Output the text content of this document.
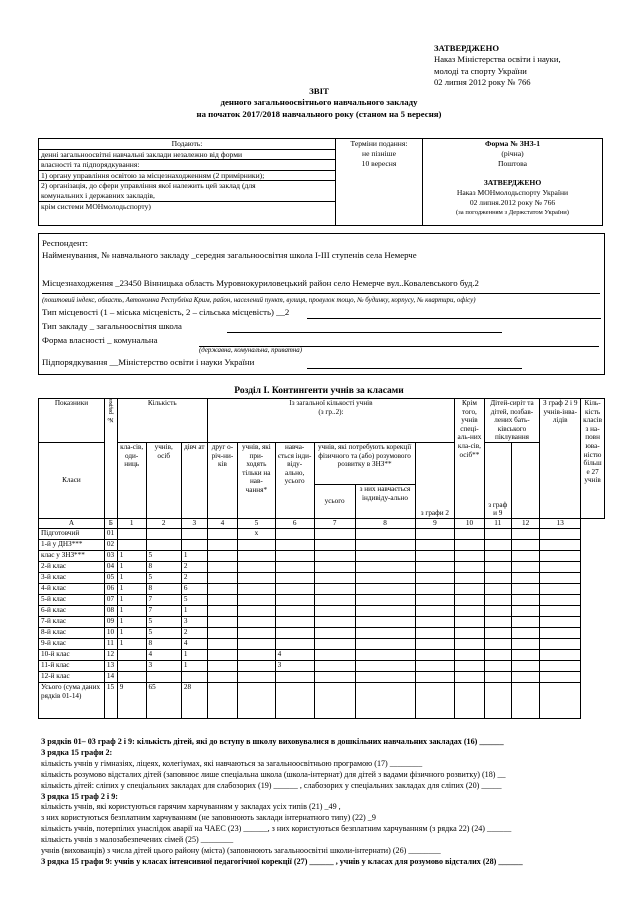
ЗАТВЕРДЖЕНО
Наказ Міністерства освіти і науки,
молоді та спорту України
02 липня 2012 року № 766
ЗВІТ
денного загальноосвітнього навчального закладу
на початок 2017/2018 навчального року (станом на 5 вересня)
Подають:
денні загальноосвітні навчальні заклади незалежно від форми
власності та підпорядкування:
1) органу управління освітою за місцезнаходженням (2 примірники);
2) організація, до сфери управління якої належить цей заклад (для
комунальних і державних закладів,
крім системи МОНмолодьспорту)

Терміни подання:
не пізніше
10 вересня

Форма № ЗНЗ-1
(річна)
Поштова
ЗАТВЕРДЖЕНО
Наказ МОНмолодьспорту України
02 липня.2012 року № 766
(за погодженням з Держстатом України)
Респондент:
Найменування, № навчального закладу _середня загальноосвітня школа І-ІІІ ступенів села Немерче
Місцезнаходження _23450 Вінницька область Муровнокуриловецький район село Немерче вул..Ковалевського буд.2
(поштовий індекс, область, Автономна Республіка Крим, район, населений пункт, вулиця, провулок тощо, № будинку, корпусу, № квартири, офісу)
Тип місцевості (1 – міська місцевість, 2 – сільська місцевість) __2
Тип закладу _ загальноосвітня школа
Форма власності _ комунальна
(державна, комунальна, приватна)
Підпорядкування __Міністерство освіти і науки України
Розділ І. Контингенти учнів за класами
Показники	№ рядка	Кількість			Із загальної кількості учнів
(з гр..2):						Крім того, учнів спеці-аль-них кла-сів, осіб**	Дітей-сиріт та дітей, позбав-лених бать-ківського піклування		З граф 2 і 9 учнів-інва-лідів	Кіль-кість класів з на-повн юва-ністю більш е 27 учнів
Класи		кла-сів, оди-ниць	учнів, осіб	дівч ат	друг о-річ-ни-ків	учнів, які при-ходять тільки на нав-чання*	навча-ється інди-віду-ально, усього	учнів, які потребують корекції фізичного та (або) розумового розвитку в ЗНЗ**		з графи 2		з граф и 9			
								усього	з них навчається індивіду-ально						
А	Б	1	2	3	4	5	6	7	8	9	10	11	12	13	
Підготовчий	01					х									
1-й у ДНЗ***	02														
клас у ЗНЗ***	03	1	5	1											
2-й клас	04	1	8	2											
3-й клас	05	1	5	2											
4-й клас	06	1	8	6											
5-й клас	07	1	7	5											
6-й клас	08	1	7	1											
7-й клас	09	1	5	3											
8-й клас	10	1	5	2											
9-й клас	11	1	8	4											
10-й клас	12		4	1			4								
11-й клас	13		3	1			3								
12-й клас	14														
Усього (сума даних рядків 01-14)	15	9	65	28											
З рядків 01– 03 граф 2 і 9: кількість дітей, які до вступу в школу виховувалися в дошкільних навчальних закладах (16) ______
З рядка 15 графи 2:
кількість учнів у гімназіях, ліцеях, колегіумах, які навчаються за загальноосвітньою програмою (17) ________
кількість розумово відсталих дітей (заповнює лише спеціальна школа (школа-інтернат) для дітей з вадами фізичного розвитку) (18) __
кількість дітей: сліпих у спеціальних закладах для слабозорих (19) ______ , слабозорих у спеціальних закладах для сліпих (20) _____
З рядка 15 граф 2 і 9:
кількість учнів, які користуються гарячим харчуванням у закладах усіх типів (21) _49 ,
з них користуються безплатним харчуванням (не заповнюють заклади інтернатного типу) (22) _9
кількість учнів, потерпілих унаслідок аварії на ЧАЕС (23) ______, з них користуються безплатним харчуванням (з рядка 22) (24) ______
кількість учнів з малозабезпечених сімей (25) ________
учнів (вихованців) з числа дітей цього району (міста) (заповнюють загальноосвітні школи-інтернати) (26) ________
З рядка 15 графи 9: учнів у класах інтенсивної педагогічної корекції (27) ______ , учнів у класах для розумово відсталих (28) ______
